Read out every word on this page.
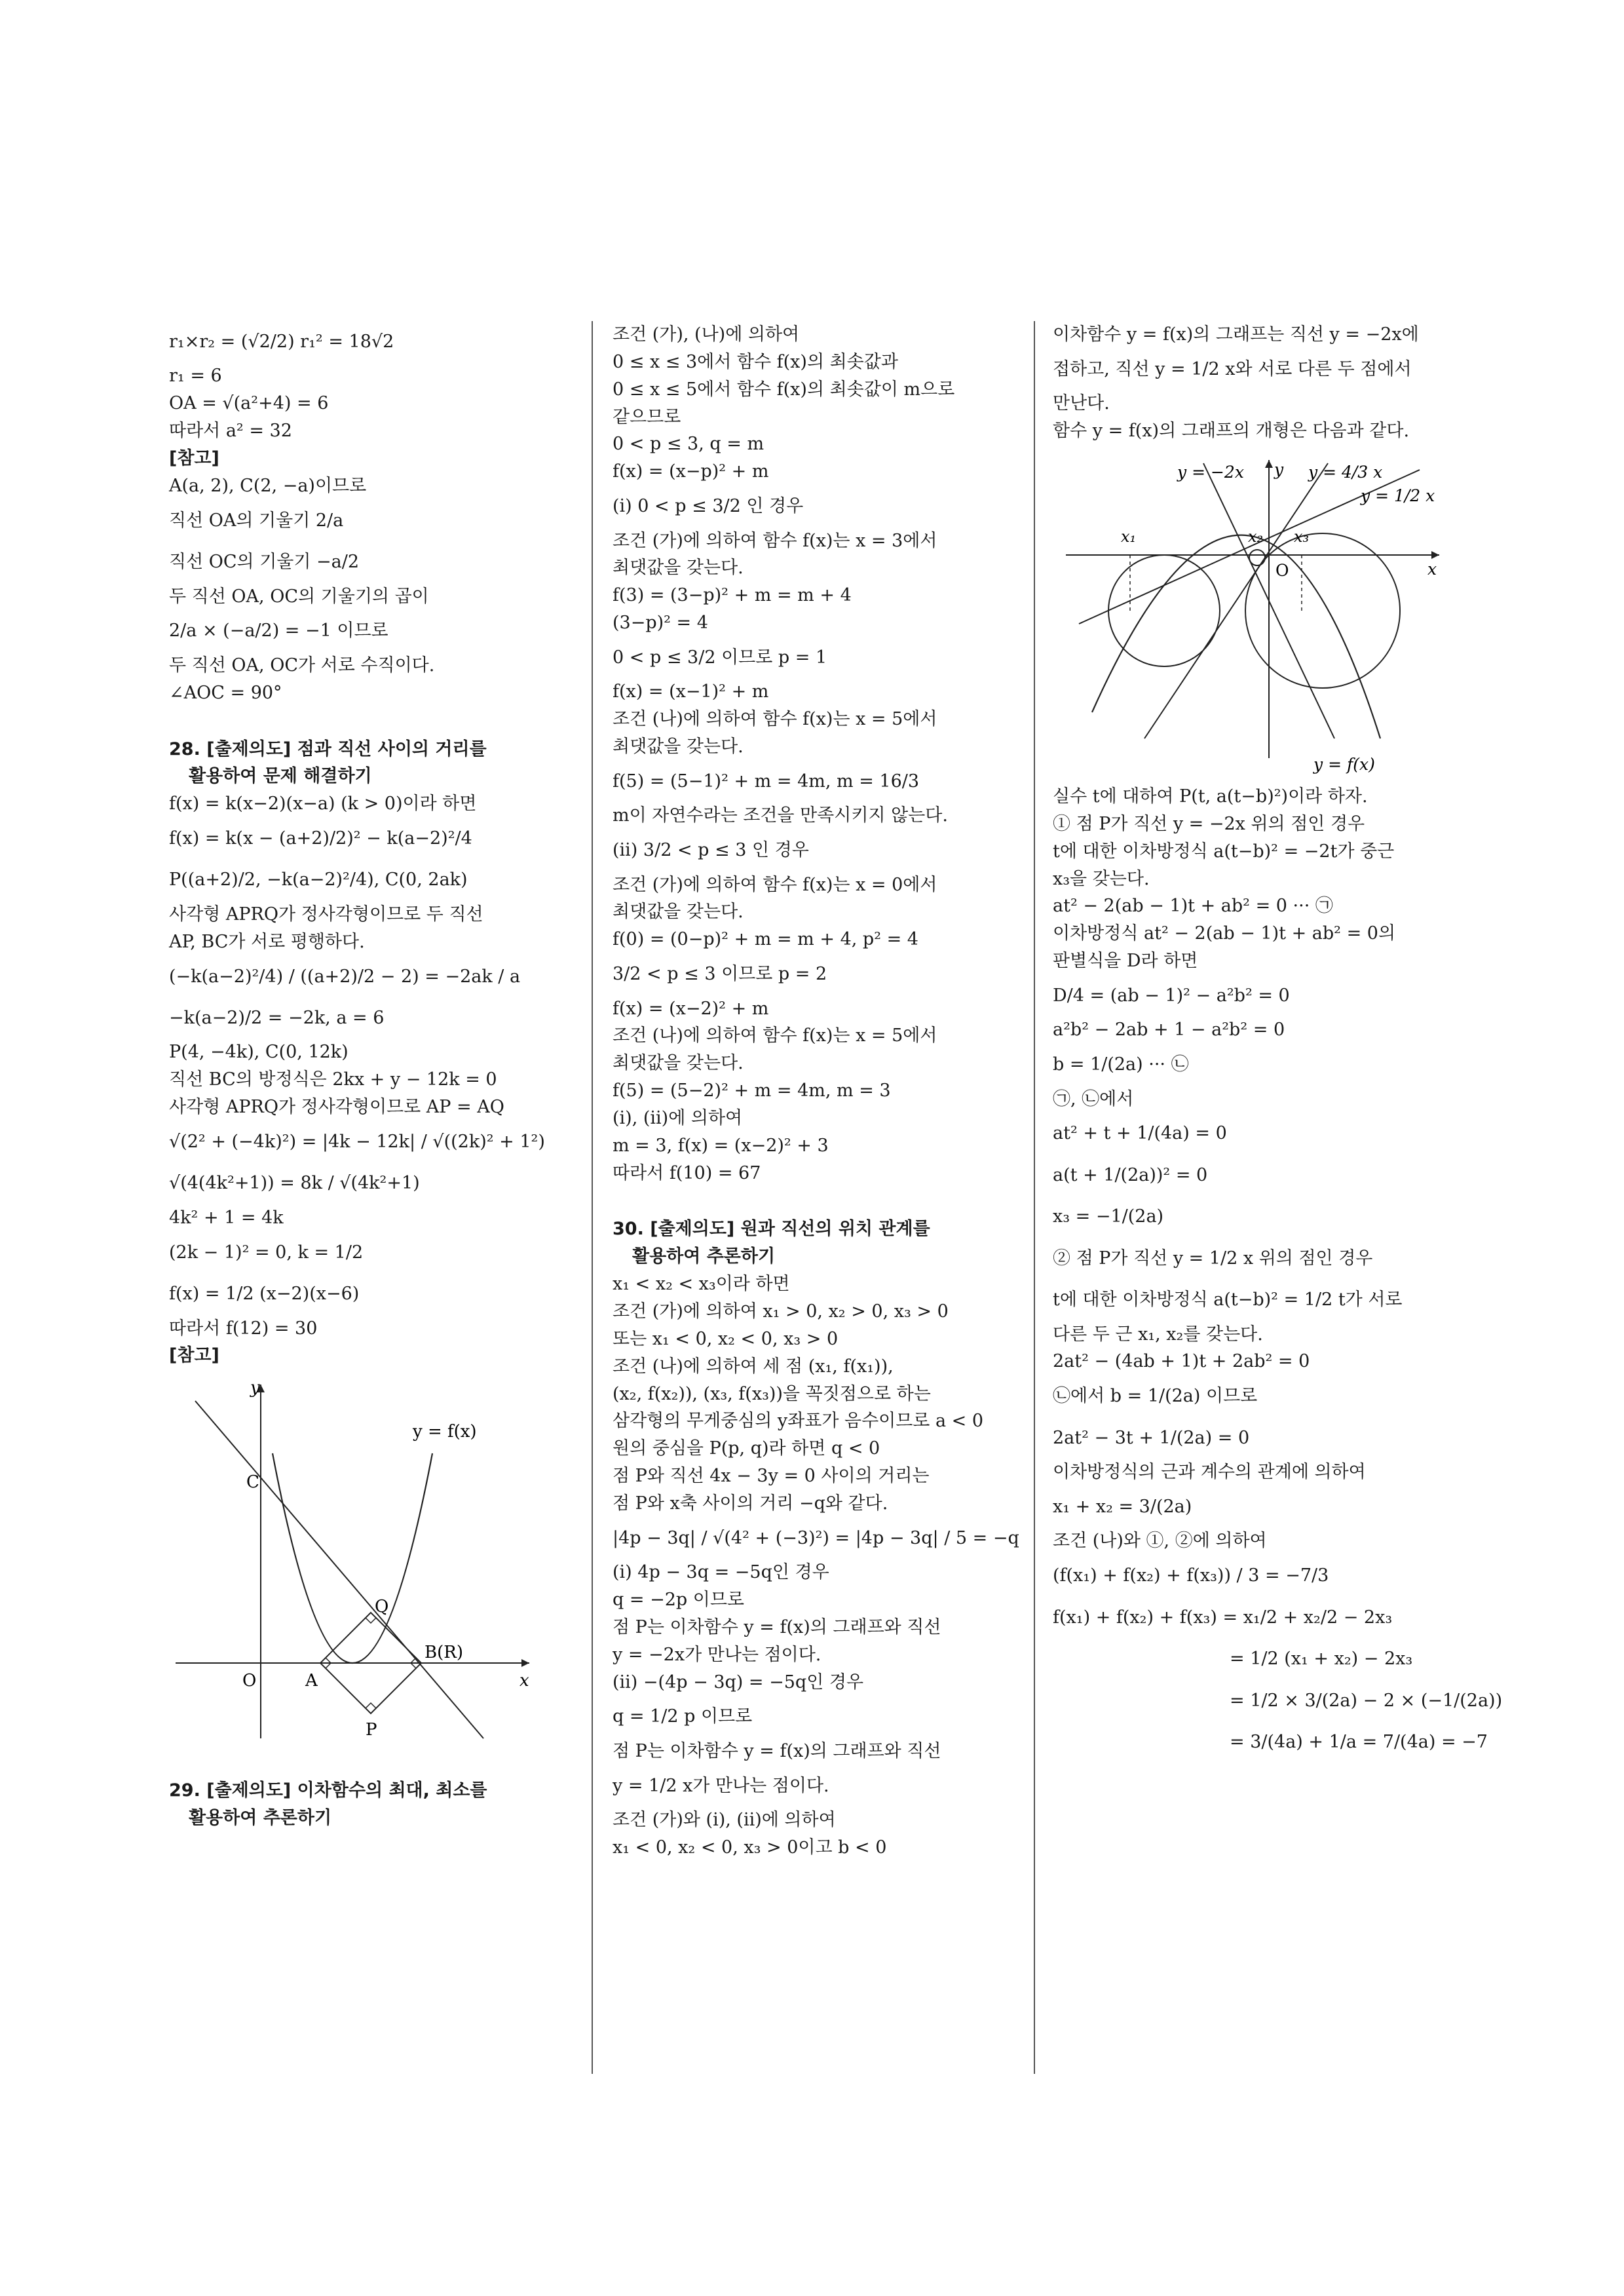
r₁×r₂ = (√2/2) r₁² = 18√2
r₁ = 6
OA = √(a²+4) = 6
따라서 a² = 32
[참고]
A(a, 2), C(2, −a)이므로
직선 OA의 기울기 2/a
직선 OC의 기울기 −a/2
두 직선 OA, OC의 기울기의 곱이
2/a × (−a/2) = −1 이므로
두 직선 OA, OC가 서로 수직이다.
∠AOC = 90°
28. [출제의도] 점과 직선 사이의 거리를
활용하여 문제 해결하기
f(x) = k(x−2)(x−a) (k > 0)이라 하면
f(x) = k(x − (a+2)/2)² − k(a−2)²/4
P((a+2)/2, −k(a−2)²/4), C(0, 2ak)
사각형 APRQ가 정사각형이므로 두 직선
AP, BC가 서로 평행하다.
(−k(a−2)²/4) / ((a+2)/2 − 2) = −2ak / a
−k(a−2)/2 = −2k, a = 6
P(4, −4k), C(0, 12k)
직선 BC의 방정식은 2kx + y − 12k = 0
사각형 APRQ가 정사각형이므로 AP = AQ
√(2² + (−4k)²) = |4k − 12k| / √((2k)² + 1²)
√(4(4k²+1)) = 8k / √(4k²+1)
4k² + 1 = 4k
(2k − 1)² = 0, k = 1/2
f(x) = 1/2 (x−2)(x−6)
따라서 f(12) = 30
[참고]
y
x
O	A
B(R)
C
P
Q
y = f(x)
29. [출제의도] 이차함수의 최대, 최소를
활용하여 추론하기
조건 (가), (나)에 의하여
0 ≤ x ≤ 3에서 함수 f(x)의 최솟값과
0 ≤ x ≤ 5에서 함수 f(x)의 최솟값이 m으로
같으므로
0 < p ≤ 3, q = m
f(x) = (x−p)² + m
(i) 0 < p ≤ 3/2 인 경우
조건 (가)에 의하여 함수 f(x)는 x = 3에서
최댓값을 갖는다.
f(3) = (3−p)² + m = m + 4
(3−p)² = 4
0 < p ≤ 3/2 이므로 p = 1
f(x) = (x−1)² + m
조건 (나)에 의하여 함수 f(x)는 x = 5에서
최댓값을 갖는다.
f(5) = (5−1)² + m = 4m, m = 16/3
m이 자연수라는 조건을 만족시키지 않는다.
(ii) 3/2 < p ≤ 3 인 경우
조건 (가)에 의하여 함수 f(x)는 x = 0에서
최댓값을 갖는다.
f(0) = (0−p)² + m = m + 4, p² = 4
3/2 < p ≤ 3 이므로 p = 2
f(x) = (x−2)² + m
조건 (나)에 의하여 함수 f(x)는 x = 5에서
최댓값을 갖는다.
f(5) = (5−2)² + m = 4m, m = 3
(i), (ii)에 의하여
m = 3, f(x) = (x−2)² + 3
따라서 f(10) = 67
30. [출제의도] 원과 직선의 위치 관계를
활용하여 추론하기
x₁ < x₂ < x₃이라 하면
조건 (가)에 의하여 x₁ > 0, x₂ > 0, x₃ > 0
또는 x₁ < 0, x₂ < 0, x₃ > 0
조건 (나)에 의하여 세 점 (x₁, f(x₁)),
(x₂, f(x₂)), (x₃, f(x₃))을 꼭짓점으로 하는
삼각형의 무게중심의 y좌표가 음수이므로 a < 0
원의 중심을 P(p, q)라 하면 q < 0
점 P와 직선 4x − 3y = 0 사이의 거리는
점 P와 x축 사이의 거리 −q와 같다.
|4p − 3q| / √(4² + (−3)²) = |4p − 3q| / 5 = −q
(i) 4p − 3q = −5q인 경우
q = −2p 이므로
점 P는 이차함수 y = f(x)의 그래프와 직선
y = −2x가 만나는 점이다.
(ii) −(4p − 3q) = −5q인 경우
q = 1/2 p 이므로
점 P는 이차함수 y = f(x)의 그래프와 직선
y = 1/2 x가 만나는 점이다.
조건 (가)와 (i), (ii)에 의하여
x₁ < 0, x₂ < 0, x₃ > 0이고 b < 0
이차함수 y = f(x)의 그래프는 직선 y = −2x에
접하고, 직선 y = 1/2 x와 서로 다른 두 점에서
만난다.
함수 y = f(x)의 그래프의 개형은 다음과 같다.
y = −2x y y = 4/3 x
y = 1/2 x
x₁	x₂ x₃
O	x
y = f(x)
실수 t에 대하여 P(t, a(t−b)²)이라 하자.
① 점 P가 직선 y = −2x 위의 점인 경우
t에 대한 이차방정식 a(t−b)² = −2t가 중근
x₃을 갖는다.
at² − 2(ab − 1)t + ab² = 0 ··· ㉠
이차방정식 at² − 2(ab − 1)t + ab² = 0의
판별식을 D라 하면
D/4 = (ab − 1)² − a²b² = 0
a²b² − 2ab + 1 − a²b² = 0
b = 1/(2a) ··· ㉡
㉠, ㉡에서
at² + t + 1/(4a) = 0
a(t + 1/(2a))² = 0
x₃ = −1/(2a)
② 점 P가 직선 y = 1/2 x 위의 점인 경우
t에 대한 이차방정식 a(t−b)² = 1/2 t가 서로
다른 두 근 x₁, x₂를 갖는다.
2at² − (4ab + 1)t + 2ab² = 0
㉡에서 b = 1/(2a) 이므로
2at² − 3t + 1/(2a) = 0
이차방정식의 근과 계수의 관계에 의하여
x₁ + x₂ = 3/(2a)
조건 (나)와 ①, ②에 의하여
(f(x₁) + f(x₂) + f(x₃)) / 3 = −7/3
f(x₁) + f(x₂) + f(x₃) = x₁/2 + x₂/2 − 2x₃
= 1/2 (x₁ + x₂) − 2x₃
= 1/2 × 3/(2a) − 2 × (−1/(2a))
= 3/(4a) + 1/a = 7/(4a) = −7
